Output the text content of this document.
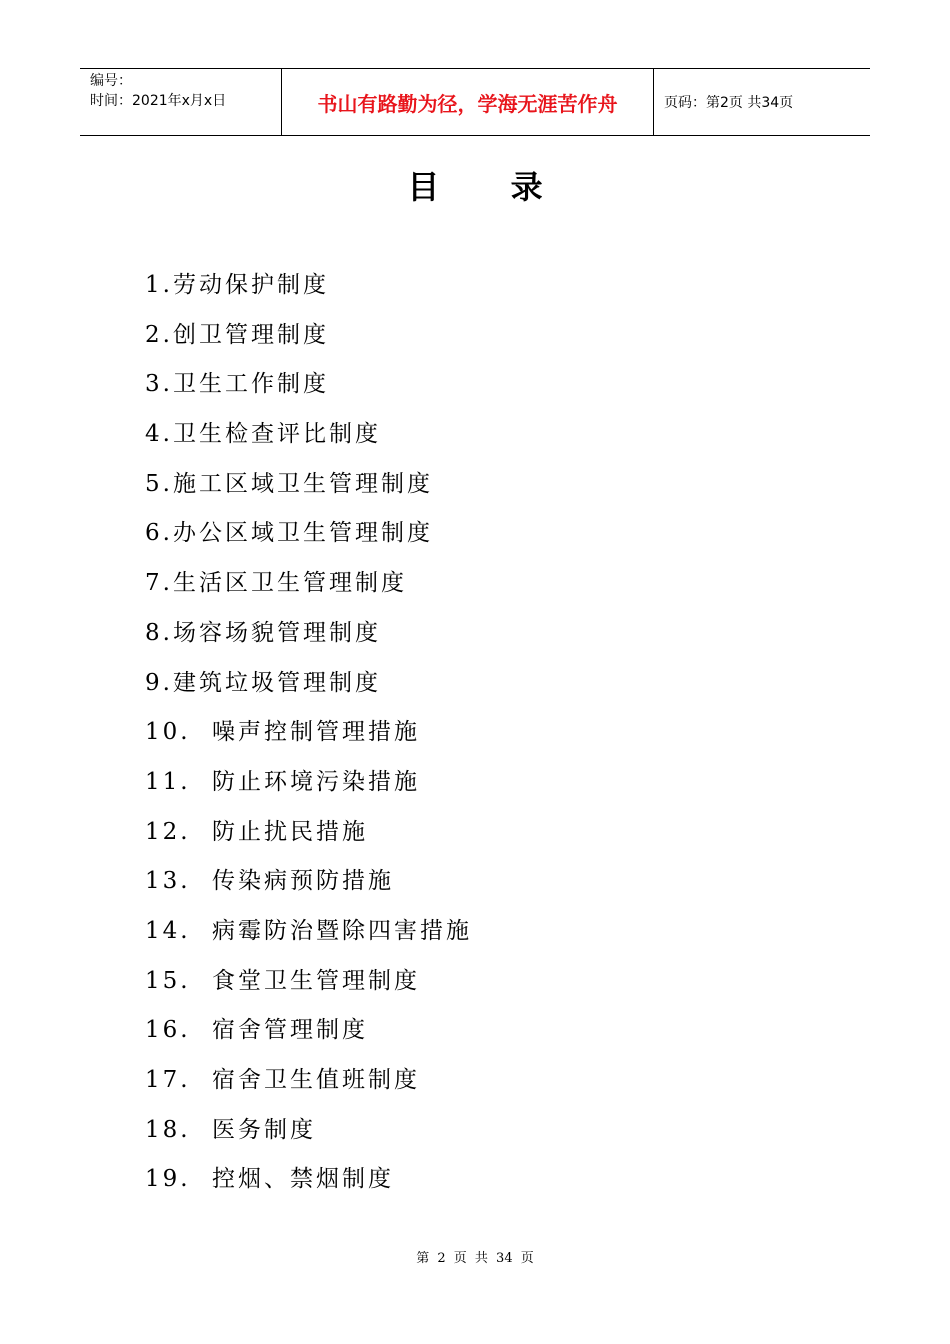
编号：
时间：2021年x月x日	书山有路勤为径，学海无涯苦作舟	页码：第2页 共34页
目 录
1. 劳动保护制度
2. 创卫管理制度
3. 卫生工作制度
4. 卫生检查评比制度
5. 施工区域卫生管理制度
6. 办公区域卫生管理制度
7. 生活区卫生管理制度
8. 场容场貌管理制度
9. 建筑垃圾管理制度
10. 噪声控制管理措施
11. 防止环境污染措施
12. 防止扰民措施
13. 传染病预防措施
14. 病霉防治暨除四害措施
15. 食堂卫生管理制度
16. 宿舍管理制度
17. 宿舍卫生值班制度
18. 医务制度
19. 控烟、禁烟制度
第 2 页 共 34 页
